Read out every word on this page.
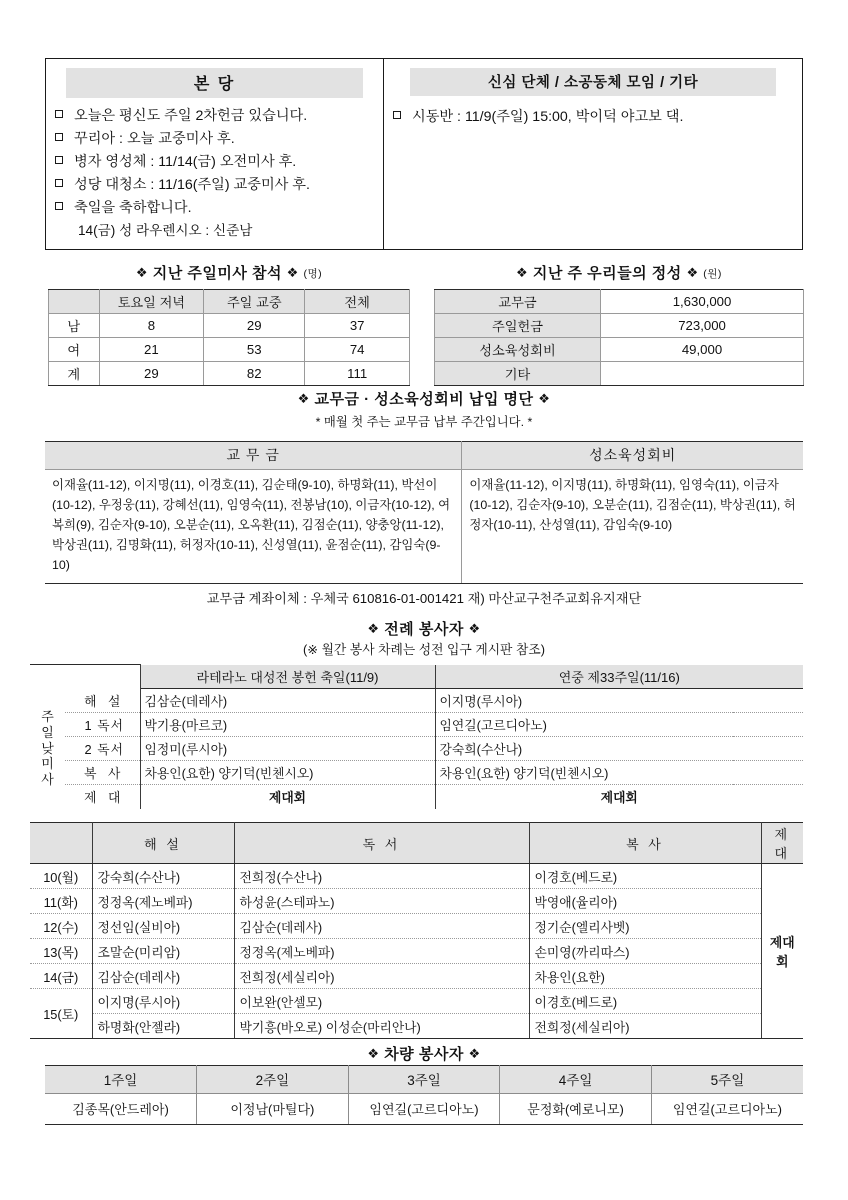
본 당
오늘은 평신도 주일 2차헌금 있습니다.
꾸리아 : 오늘 교중미사 후.
병자 영성체 : 11/14(금) 오전미사 후.
성당 대청소 : 11/16(주일) 교중미사 후.
축일을 축하합니다.
14(금) 성 라우렌시오 : 신준남
신심 단체 / 소공동체 모임 / 기타
시동반 : 11/9(주일) 15:00, 박이덕 야고보 댁.
❖ 지난 주일미사 참석 ❖ (명)
	토요일 저녁	주일 교중	전체
남	8	29	37
여	21	53	74
계	29	82	111
❖ 지난 주 우리들의 정성 ❖ (원)
교무금	1,630,000
주일헌금	723,000
성소육성회비	49,000
기타	
❖ 교무금 · 성소육성회비 납입 명단 ❖
* 매월 첫 주는 교무금 납부 주간입니다. *
교 무 금	성소육성회비
이재율(11-12), 이지명(11), 이경호(11), 김순태(9-10), 하명화(11), 박선이(10-12), 우정웅(11), 강혜선(11), 임영숙(11), 전봉남(10), 이금자(10-12), 여복희(9), 김순자(9-10), 오분순(11), 오옥환(11), 김점순(11), 양충앙(11-12), 박상권(11), 김명화(11), 허정자(10-11), 신성열(11), 윤점순(11), 감임숙(9-10)	이재율(11-12), 이지명(11), 하명화(11), 임영숙(11), 이금자(10-12), 김순자(9-10), 오분순(11), 김점순(11), 박상권(11), 허정자(10-11), 산성열(11), 감임숙(9-10)
교무금 계좌이체 : 우체국 610816-01-001421 재) 마산교구천주교회유지재단
❖ 전례 봉사자 ❖
(※ 월간 봉사 차례는 성전 입구 게시판 참조)
		라테라노 대성전 봉헌 축일(11/9)	연중 제33주일(11/16)

주
일
낮
미
사	해 설	김삼순(데레사)	이지명(루시아)
	1 독서	박기용(마르코)	임연길(고르디아노)
	2 독서	임정미(루시아)	강숙희(수산나)
	복 사	차용인(요한) 양기덕(빈첸시오)	차용인(요한) 양기덕(빈첸시오)
	제 대	제대회	제대회
	해 설	독 서	복 사	제 대
10(월)	강숙희(수산나)	전희정(수산나)	이경호(베드로)	제대회
11(화)	정정옥(제노베파)	하성윤(스테파노)	박영애(율리아)	
12(수)	정선임(실비아)	김삼순(데레사)	정기순(엘리사벳)	
13(목)	조말순(미리암)	정정옥(제노베파)	손미영(까리따스)	
14(금)	김삼순(데레사)	전희정(세실리아)	차용인(요한)	
15(토)	이지명(루시아)	이보완(안셀모)	이경호(베드로)	
	하명화(안젤라)	박기흥(바오로) 이성순(마리안나)	전희정(세실리아)	
❖ 차량 봉사자 ❖
1주일	2주일	3주일	4주일	5주일
김종목(안드레아)	이정남(마틸다)	임연길(고르디아노)	문정화(예로니모)	임연길(고르디아노)
